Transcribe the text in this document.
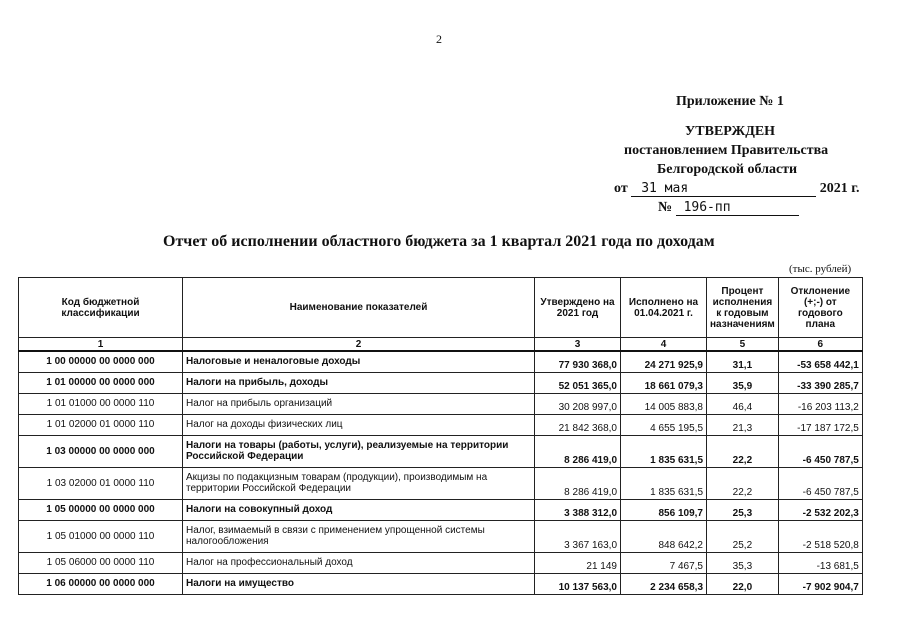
2
Приложение № 1
УТВЕРЖДЕН
постановлением Правительства
Белгородской области
от 31 мая	2021 г.
№ 196-пп
Отчет об исполнении областного бюджета за 1 квартал 2021 года по доходам
(тыс. рублей)
Код бюджетной классификации	Наименование показателей	Утверждено на 2021 год	Исполнено на 01.04.2021 г.	Процент исполнения к годовым назначениям	Отклонение (+;-) от годового плана
1	2	3	4	5	6
1 00 00000 00 0000 000	Налоговые и неналоговые доходы	77 930 368,0	24 271 925,9	31,1	-53 658 442,1
1 01 00000 00 0000 000	Налоги на прибыль, доходы	52 051 365,0	18 661 079,3	35,9	-33 390 285,7
1 01 01000 00 0000 110	Налог на прибыль организаций	30 208 997,0	14 005 883,8	46,4	-16 203 113,2
1 01 02000 01 0000 110	Налог на доходы физических лиц	21 842 368,0	4 655 195,5	21,3	-17 187 172,5
1 03 00000 00 0000 000	Налоги на товары (работы, услуги), реализуемые на территории Российской Федерации	8 286 419,0	1 835 631,5	22,2	-6 450 787,5
1 03 02000 01 0000 110	Акцизы по подакцизным товарам (продукции), производимым на территории Российской Федерации	8 286 419,0	1 835 631,5	22,2	-6 450 787,5
1 05 00000 00 0000 000	Налоги на совокупный доход	3 388 312,0	856 109,7	25,3	-2 532 202,3
1 05 01000 00 0000 110	Налог, взимаемый в связи с применением упрощенной системы налогообложения	3 367 163,0	848 642,2	25,2	-2 518 520,8
1 05 06000 00 0000 110	Налог на профессиональный доход	21 149	7 467,5	35,3	-13 681,5
1 06 00000 00 0000 000	Налоги на имущество	10 137 563,0	2 234 658,3	22,0	-7 902 904,7
